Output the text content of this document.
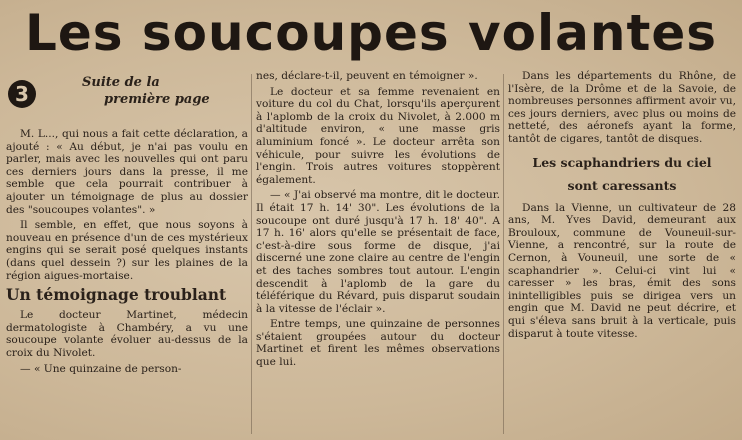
Les soucoupes volantes
3	Suite de la
première page

M. L..., qui nous a fait cette déclaration, a ajouté : « Au début, je n'ai pas voulu en parler, mais avec les nouvelles qui ont paru ces derniers jours dans la presse, il me semble que cela pourrait contribuer à ajouter un témoignage de plus au dossier des "soucoupes volantes". »

Il semble, en effet, que nous soyons à nouveau en présence d'un de ces mystérieux engins qui se serait posé quelques instants (dans quel dessein ?) sur les plaines de la région aigues-mortaise.

Un témoignage troublant

Le docteur Martinet, médecin dermatologiste à Chambéry, a vu une soucoupe volante évoluer au-dessus de la croix du Nivolet.

— « Une quinzaine de person-

nes, déclare-t-il, peuvent en témoigner ».

Le docteur et sa femme revenaient en voiture du col du Chat, lorsqu'ils aperçurent à l'aplomb de la croix du Nivolet, à 2.000 m d'altitude environ, « une masse gris aluminium foncé ». Le docteur arrêta son véhicule, pour suivre les évolutions de l'engin. Trois autres voitures stoppèrent également.

— « J'ai observé ma montre, dit le docteur. Il était 17 h. 14' 30". Les évolutions de la soucoupe ont duré jusqu'à 17 h. 18' 40". A 17 h. 16' alors qu'elle se présentait de face, c'est-à-dire sous forme de disque, j'ai discerné une zone claire au centre de l'engin et des taches sombres tout autour. L'engin descendit à l'aplomb de la gare du téléférique du Révard, puis disparut soudain à la vitesse de l'éclair ».

Entre temps, une quinzaine de personnes s'étaient groupées autour du docteur Martinet et firent les mêmes observations que lui.

Dans les départements du Rhône, de l'Isère, de la Drôme et de la Savoie, de nombreuses personnes affirment avoir vu, ces jours derniers, avec plus ou moins de netteté, des aéronefs ayant la forme, tantôt de cigares, tantôt de disques.

Les scaphandriers du ciel
sont caressants

Dans la Vienne, un cultivateur de 28 ans, M. Yves David, demeurant aux Brouloux, commune de Vouneuil-sur-Vienne, a rencontré, sur la route de Cernon, à Vouneuil, une sorte de « scaphandrier ». Celui-ci vint lui « caresser » les bras, émit des sons inintelligibles puis se dirigea vers un engin que M. David ne peut décrire, et qui s'éleva sans bruit à la verticale, puis disparut à toute vitesse.
